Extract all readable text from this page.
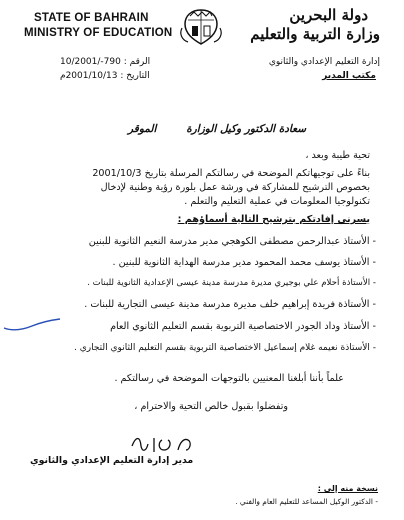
STATE OF BAHRAIN
MINISTRY OF EDUCATION
دولة البحرين
وزارة التربية والتعليم
الرقم : 790-/10/2001
التاريخ : 2001/10/13م
إدارة التعليم الإعدادي والثانوي
مكتب المدير
سعادة الدكتور وكيل الوزارة
الموقر
تحية طيبة وبعد ،
بناءً على توجيهاتكم الموضحة في رسالتكم المرسلة بتاريخ 2001/10/3
بخصوص الترشيح للمشاركة في ورشة عمل بلورة رؤية وطنية لإدخال
تكنولوجيا المعلومات في عملية التعليم والتعلم .
يسرني إفادتكم بترشيح التالية أسماؤهم :
- الأستاذ عبدالرحمن مصطفى الكوهجي مدير مدرسة النعيم الثانوية للبنين
- الأستاذ يوسف محمد المحمود مدير مدرسة الهداية الثانوية للبنين .
- الأستاذة أحلام علي بوجيري مديرة مدرسة مدينة عيسى الإعدادية الثانوية للبنات .
- الأستاذة فريدة إبراهيم خلف مديرة مدرسة مدينة عيسى التجارية للبنات .
- الأستاذ وداد الجودر الاختصاصية التربوية بقسم التعليم الثانوي العام
- الأستاذة نعيمه غلام إسماعيل الاختصاصية التربوية بقسم التعليم الثانوي التجاري .
علماً بأننا أبلغنا المعنيين بالتوجهات الموضحة في رسالتكم .
وتفضلوا بقبول خالص التحية والاحترام ،
مدير إدارة التعليم الإعدادي والثانوي
نسخة منه إلى :
- الدكتور الوكيل المساعد للتعليم العام والفني .
